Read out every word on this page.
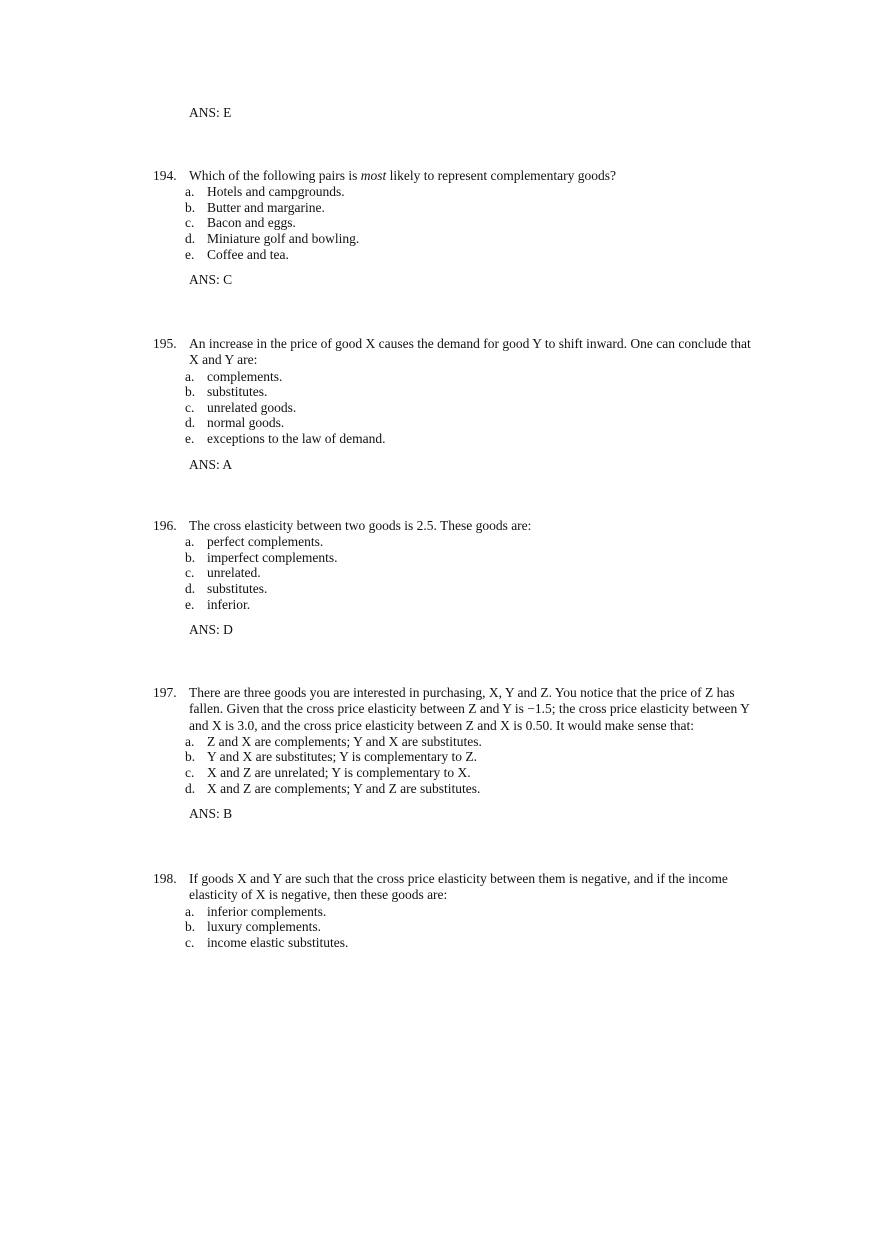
ANS: E
194. Which of the following pairs is most likely to represent complementary goods?
a. Hotels and campgrounds.
b. Butter and margarine.
c. Bacon and eggs.
d. Miniature golf and bowling.
e. Coffee and tea.
ANS: C
195. An increase in the price of good X causes the demand for good Y to shift inward. One can conclude that X and Y are:
a. complements.
b. substitutes.
c. unrelated goods.
d. normal goods.
e. exceptions to the law of demand.
ANS: A
196. The cross elasticity between two goods is 2.5. These goods are:
a. perfect complements.
b. imperfect complements.
c. unrelated.
d. substitutes.
e. inferior.
ANS: D
197. There are three goods you are interested in purchasing, X, Y and Z. You notice that the price of Z has fallen. Given that the cross price elasticity between Z and Y is −1.5; the cross price elasticity between Y and X is 3.0, and the cross price elasticity between Z and X is 0.50. It would make sense that:
a. Z and X are complements; Y and X are substitutes.
b. Y and X are substitutes; Y is complementary to Z.
c. X and Z are unrelated; Y is complementary to X.
d. X and Z are complements; Y and Z are substitutes.
ANS: B
198. If goods X and Y are such that the cross price elasticity between them is negative, and if the income elasticity of X is negative, then these goods are:
a. inferior complements.
b. luxury complements.
c. income elastic substitutes.
